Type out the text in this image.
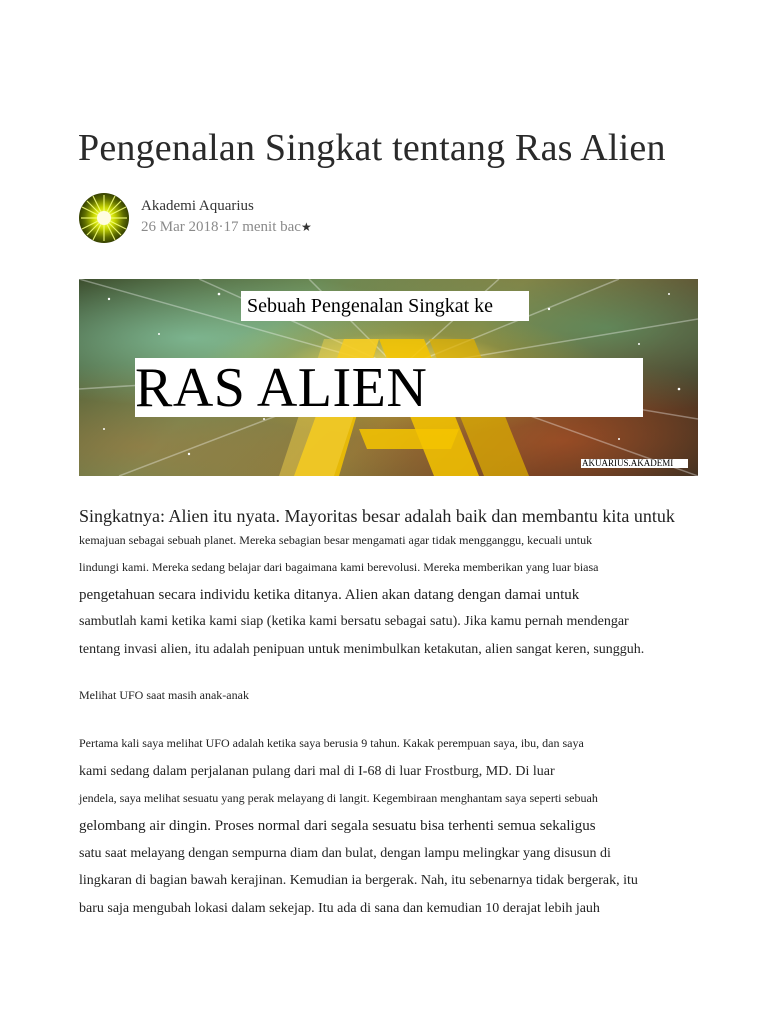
Pengenalan Singkat tentang Ras Alien
Akademi Aquarius
26 Mar 2018·17 menit bac★
Sebuah Pengenalan Singkat ke
RAS ALIEN
AKUARIUS.AKADEMI

Singkatnya: Alien itu nyata. Mayoritas besar adalah baik dan membantu kita untuk

kemajuan sebagai sebuah planet. Mereka sebagian besar mengamati agar tidak mengganggu, kecuali untuk

lindungi kami. Mereka sedang belajar dari bagaimana kami berevolusi. Mereka memberikan yang luar biasa

pengetahuan secara individu ketika ditanya. Alien akan datang dengan damai untuk

sambutlah kami ketika kami siap (ketika kami bersatu sebagai satu). Jika kamu pernah mendengar

tentang invasi alien, itu adalah penipuan untuk menimbulkan ketakutan, alien sangat keren, sungguh.

Melihat UFO saat masih anak-anak

Pertama kali saya melihat UFO adalah ketika saya berusia 9 tahun. Kakak perempuan saya, ibu, dan saya

kami sedang dalam perjalanan pulang dari mal di I-68 di luar Frostburg, MD. Di luar

jendela, saya melihat sesuatu yang perak melayang di langit. Kegembiraan menghantam saya seperti sebuah

gelombang air dingin. Proses normal dari segala sesuatu bisa terhenti semua sekaligus

satu saat melayang dengan sempurna diam dan bulat, dengan lampu melingkar yang disusun di

lingkaran di bagian bawah kerajinan. Kemudian ia bergerak. Nah, itu sebenarnya tidak bergerak, itu

baru saja mengubah lokasi dalam sekejap. Itu ada di sana dan kemudian 10 derajat lebih jauh
